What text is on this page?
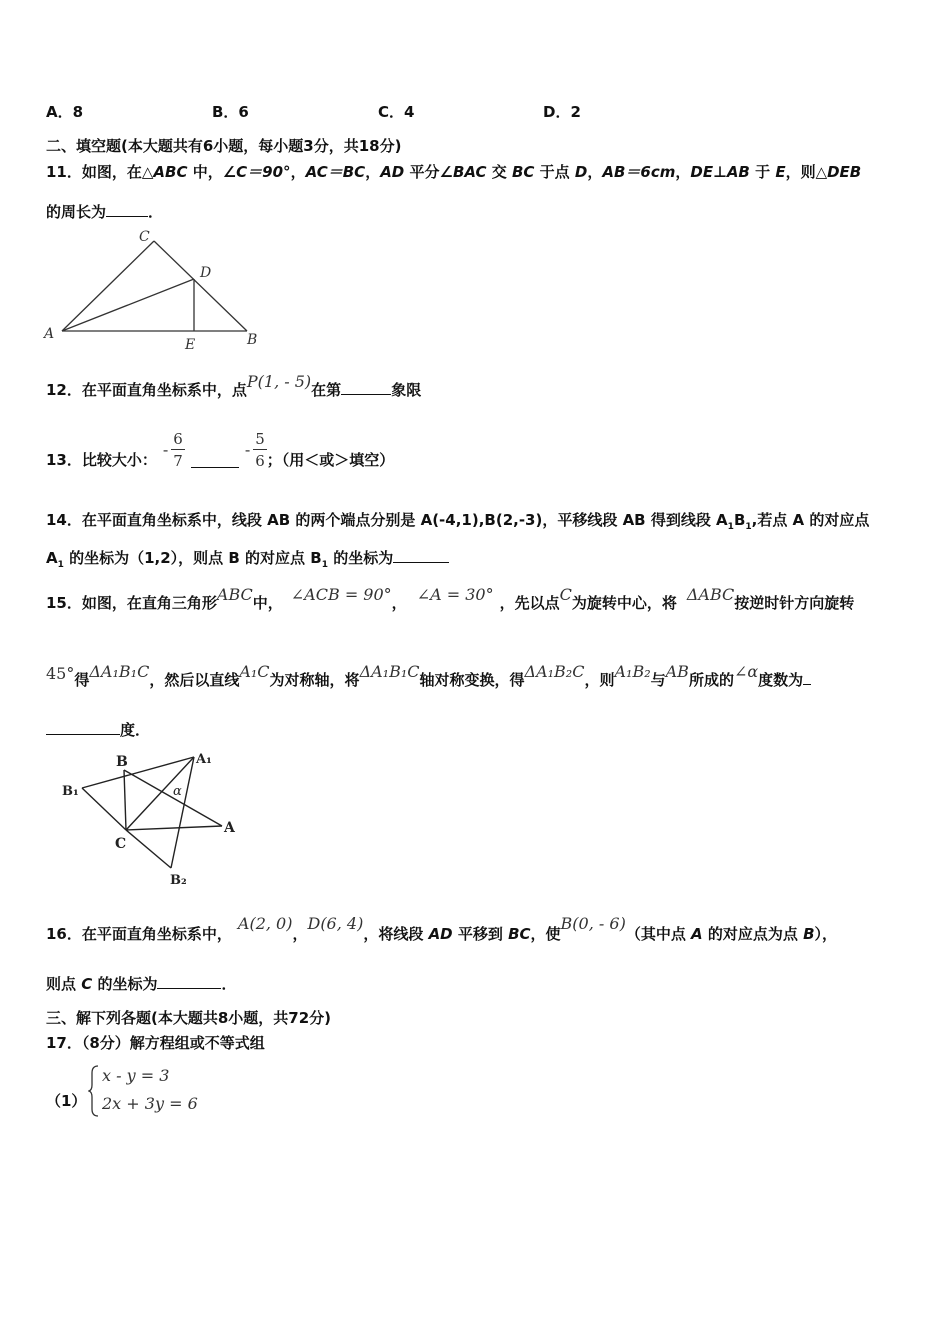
A．8	B．6	C．4	D．2
二、填空题(本大题共有6小题，每小题3分，共18分)
11．如图，在△ABC 中，∠C＝90°，AC＝BC，AD 平分∠BAC 交 BC 于点 D，AB＝6cm，DE⊥AB 于 E，则△DEB
的周长为	．
C
D
A
E	B
12．在平面直角坐标系中，点P(1, - 5)在第	象限
13．比较大小：
- $\frac{6}{7}$	- $\frac{5}{6}$ ；（用＜或＞填空）
14．在平面直角坐标系中，线段 AB 的两个端点分别是 A(-4,1),B(2,-3)，平移线段 AB 得到线段 $A_1B_1$,若点 A 的对应点
$A_1$ 的坐标为（1,2），则点 B 的对应点 $B_1$ 的坐标为
15．如图，在直角三角形ABC中， ∠ACB = 90°， ∠A = 30° ，先以点C为旋转中心，将 ΔABC按逆时针方向旋转
45°得ΔA₁B₁C，然后以直线A₁C为对称轴，将ΔA₁B₁C轴对称变换，得ΔA₁B₂C，则A₁B₂与AB所成的∠α度数为
度．
B	A₁
B₁	α
A
C
B₂
16．在平面直角坐标系中，A(2, 0)，D(6, 4)，将线段 AD 平移到 BC，使B(0, - 6)（其中点 A 的对应点为点 B），
则点 C 的坐标为	．
三、解下列各题(本大题共8小题，共72分)
17．（8分）解方程组或不等式组
（1）
x - y = 3
2x + 3y = 6
